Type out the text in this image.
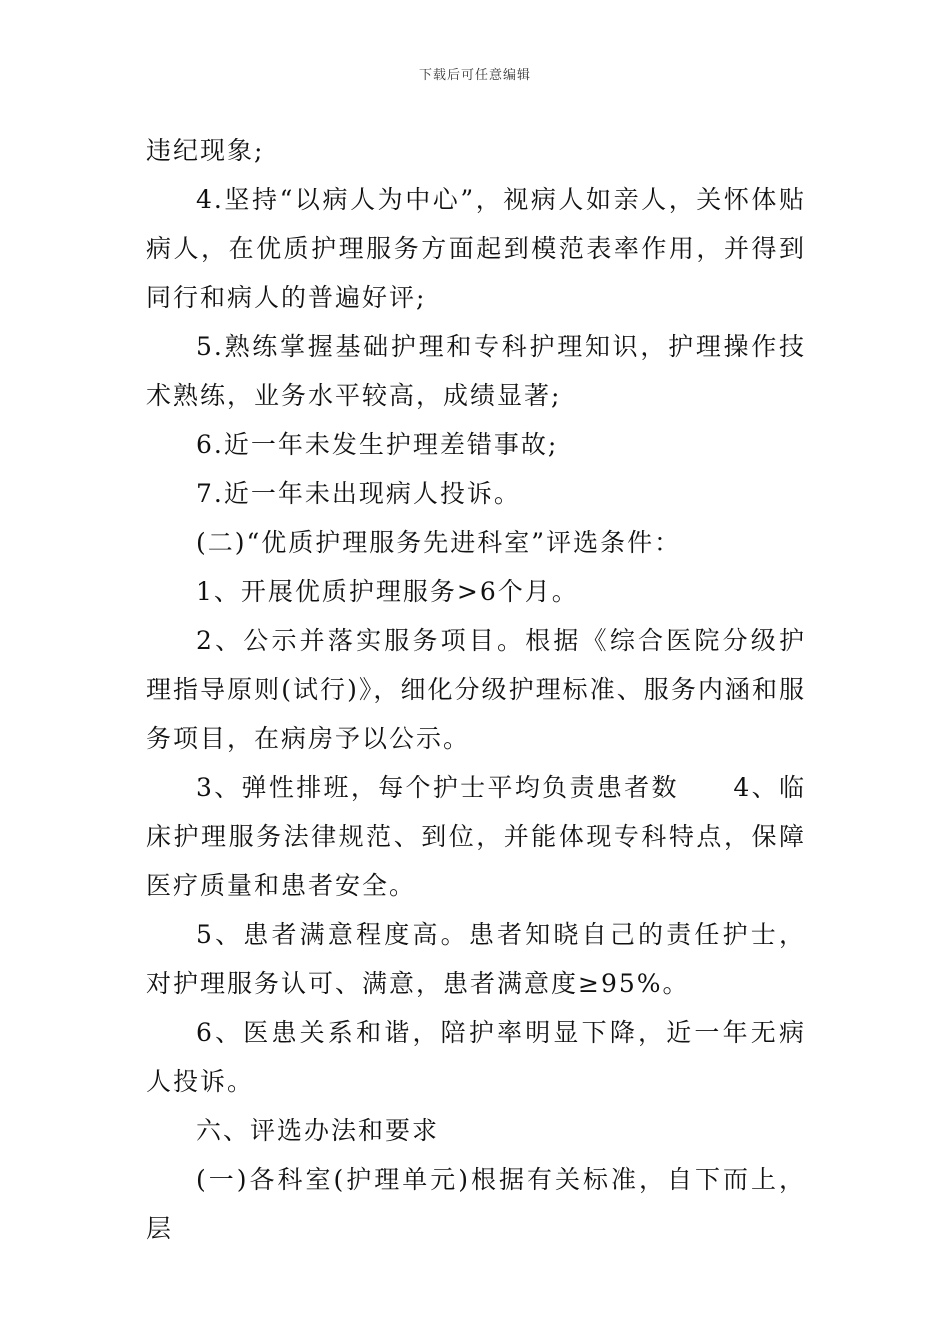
下载后可任意编辑

违纪现象;

4.坚持“以病人为中心”，视病人如亲人，关怀体贴病人，在优质护理服务方面起到模范表率作用，并得到同行和病人的普遍好评;

5.熟练掌握基础护理和专科护理知识，护理操作技术熟练，业务水平较高，成绩显著;

6.近一年未发生护理差错事故;

7.近一年未出现病人投诉。

(二)“优质护理服务先进科室”评选条件：

1、开展优质护理服务>6个月。

2、公示并落实服务项目。根据《综合医院分级护理指导原则(试行)》，细化分级护理标准、服务内涵和服务项目，在病房予以公示。

3、弹性排班，每个护士平均负责患者数　　4、临床护理服务法律规范、到位，并能体现专科特点，保障医疗质量和患者安全。

5、患者满意程度高。患者知晓自己的责任护士，对护理服务认可、满意，患者满意度≥95%。

6、医患关系和谐，陪护率明显下降，近一年无病人投诉。

六、评选办法和要求

(一)各科室(护理单元)根据有关标准，自下而上，层
